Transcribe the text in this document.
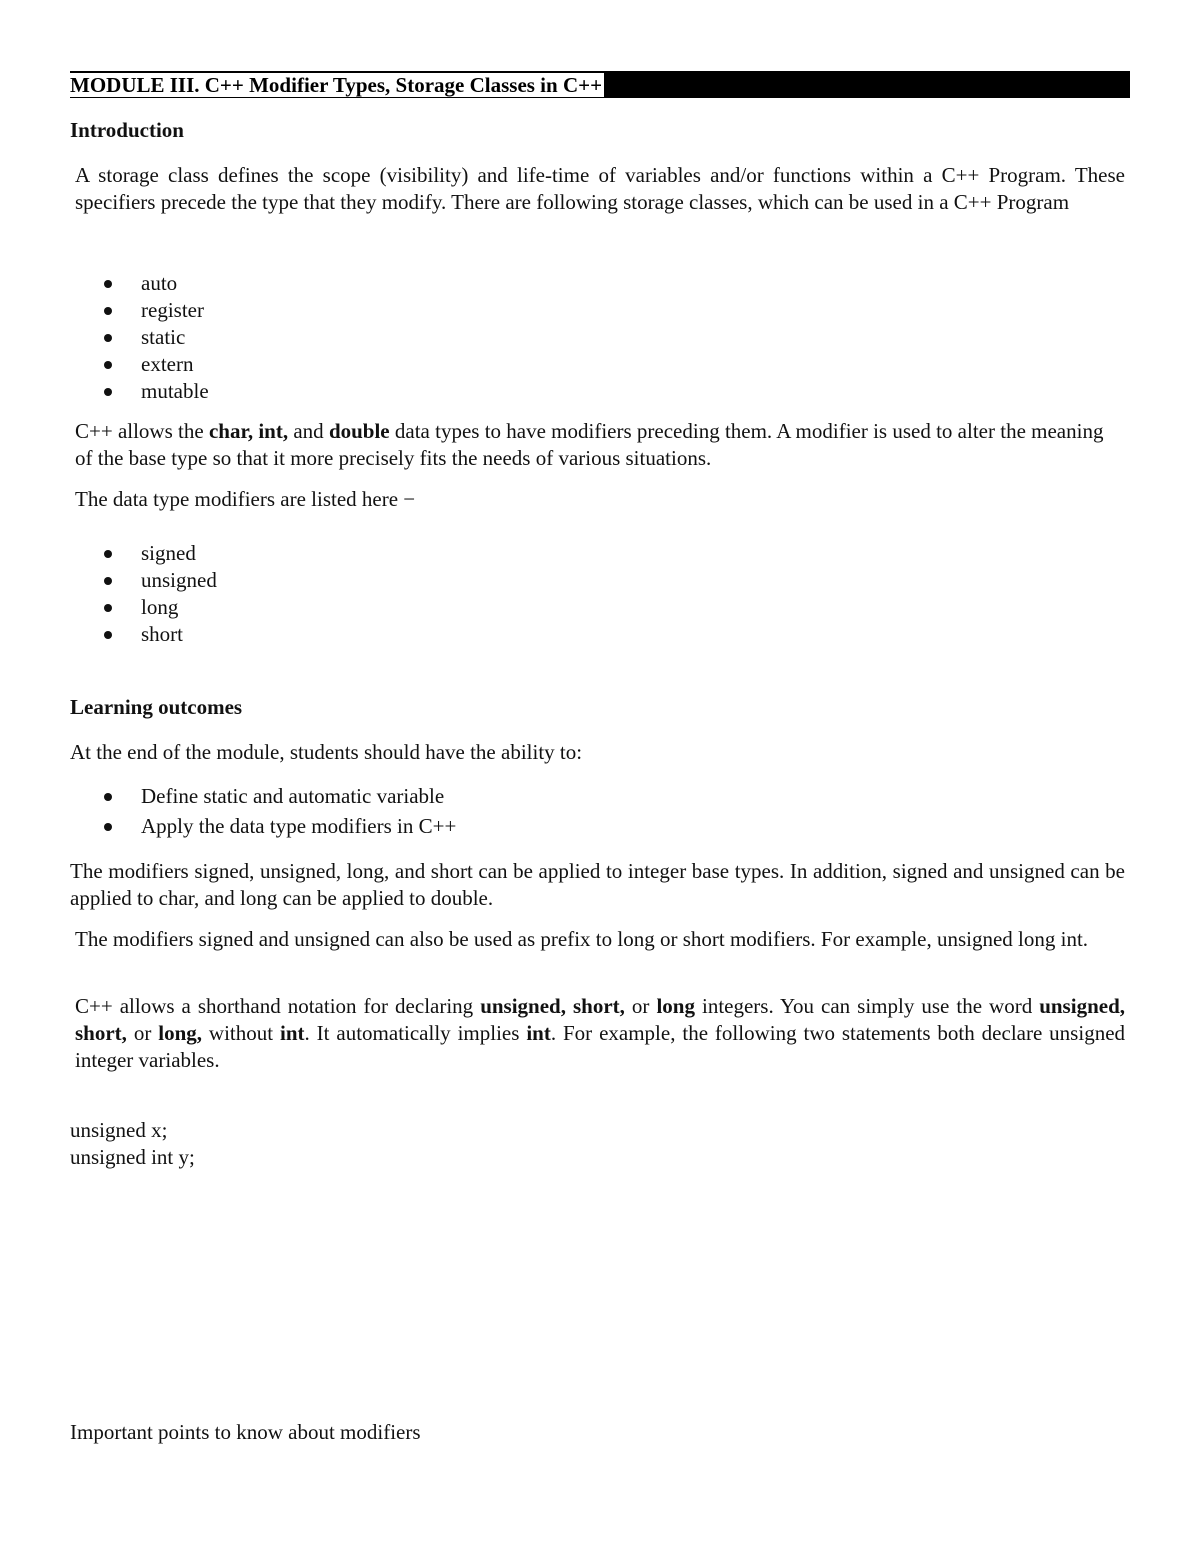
MODULE III. C++ Modifier Types, Storage Classes in C++
Introduction
A storage class defines the scope (visibility) and life-time of variables and/or functions within a C++ Program. These specifiers precede the type that they modify. There are following storage classes, which can be used in a C++ Program
auto
register
static
extern
mutable
C++ allows the char, int, and double data types to have modifiers preceding them. A modifier is used to alter the meaning of the base type so that it more precisely fits the needs of various situations.
The data type modifiers are listed here −
signed
unsigned
long
short
Learning outcomes
At the end of the module, students should have the ability to:
Define static and automatic variable
Apply the data type modifiers in C++
The modifiers signed, unsigned, long, and short can be applied to integer base types. In addition, signed and unsigned can be applied to char, and long can be applied to double.
The modifiers signed and unsigned can also be used as prefix to long or short modifiers. For example, unsigned long int.
C++ allows a shorthand notation for declaring unsigned, short, or long integers. You can simply use the word unsigned, short, or long, without int. It automatically implies int. For example, the following two statements both declare unsigned integer variables.
unsigned x;
unsigned int y;
Important points to know about modifiers
